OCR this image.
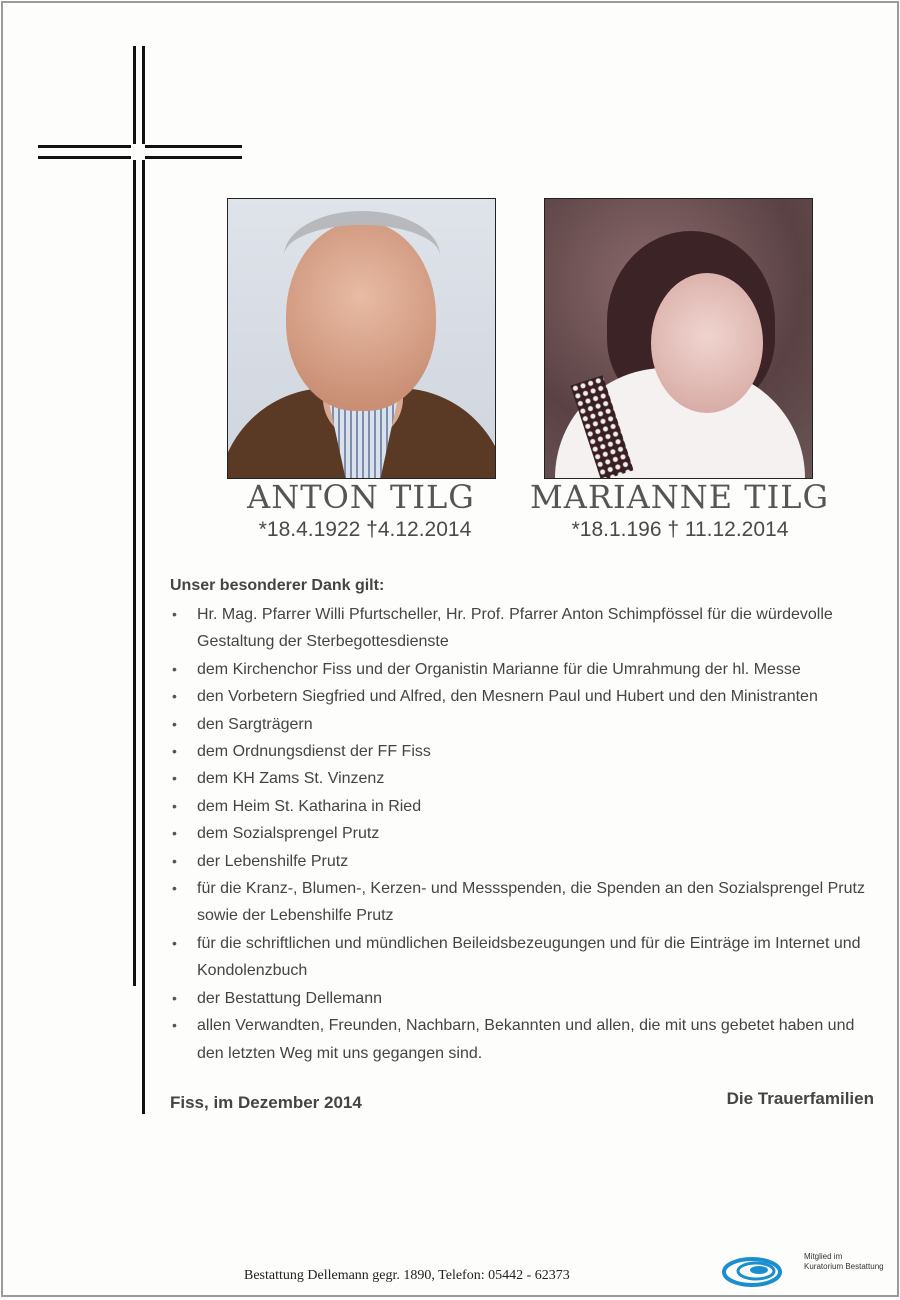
ANTON TILG
*18.4.1922 †4.12.2014
MARIANNE TILG
*18.1.196 † 11.12.2014
Unser besonderer Dank gilt:
• Hr. Mag. Pfarrer Willi Pfurtscheller, Hr. Prof. Pfarrer Anton Schimpfössel für die würdevolle Gestaltung der Sterbegottesdienste
• dem Kirchenchor Fiss und der Organistin Marianne für die Umrahmung der hl. Messe
• den Vorbetern Siegfried und Alfred, den Mesnern Paul und Hubert und den Ministranten
• den Sargträgern
• dem Ordnungsdienst der FF Fiss
• dem KH Zams St. Vinzenz
• dem Heim St. Katharina in Ried
• dem Sozialsprengel Prutz
• der Lebenshilfe Prutz
• für die Kranz-, Blumen-, Kerzen- und Messspenden, die Spenden an den Sozialsprengel Prutz sowie der Lebenshilfe Prutz
• für die schriftlichen und mündlichen Beileidsbezeugungen und für die Einträge im Internet und Kondolenzbuch
• der Bestattung Dellemann
• allen Verwandten, Freunden, Nachbarn, Bekannten und allen, die mit uns gebetet haben und den letzten Weg mit uns gegangen sind.
Fiss, im Dezember 2014	Die Trauerfamilien
Bestattung Dellemann gegr. 1890, Telefon: 05442 - 62373
Mitglied im
Kuratorium Bestattung
